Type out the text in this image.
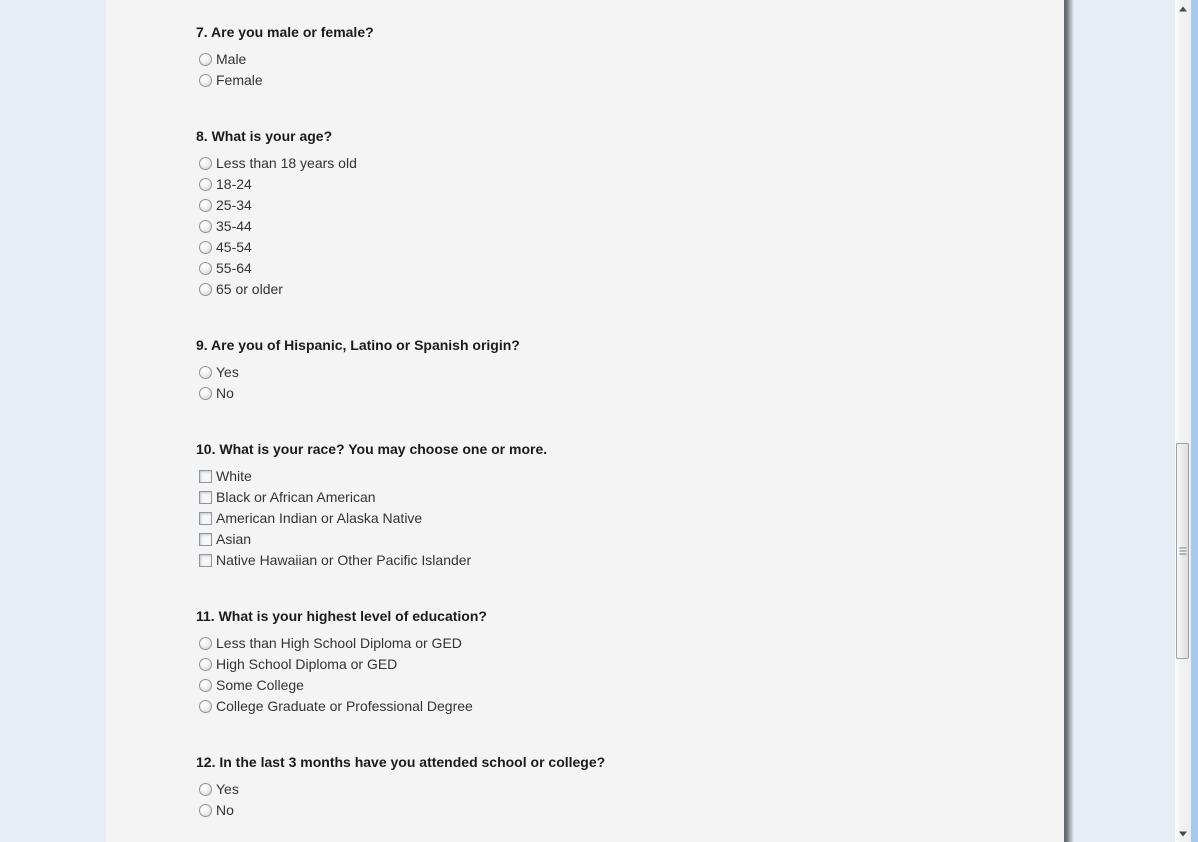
7. Are you male or female?
Male
Female
8. What is your age?
Less than 18 years old
18-24
25-34
35-44
45-54
55-64
65 or older
9. Are you of Hispanic, Latino or Spanish origin?
Yes
No
10. What is your race? You may choose one or more.
White
Black or African American
American Indian or Alaska Native
Asian
Native Hawaiian or Other Pacific Islander
11. What is your highest level of education?
Less than High School Diploma or GED
High School Diploma or GED
Some College
College Graduate or Professional Degree
12. In the last 3 months have you attended school or college?
Yes
No
